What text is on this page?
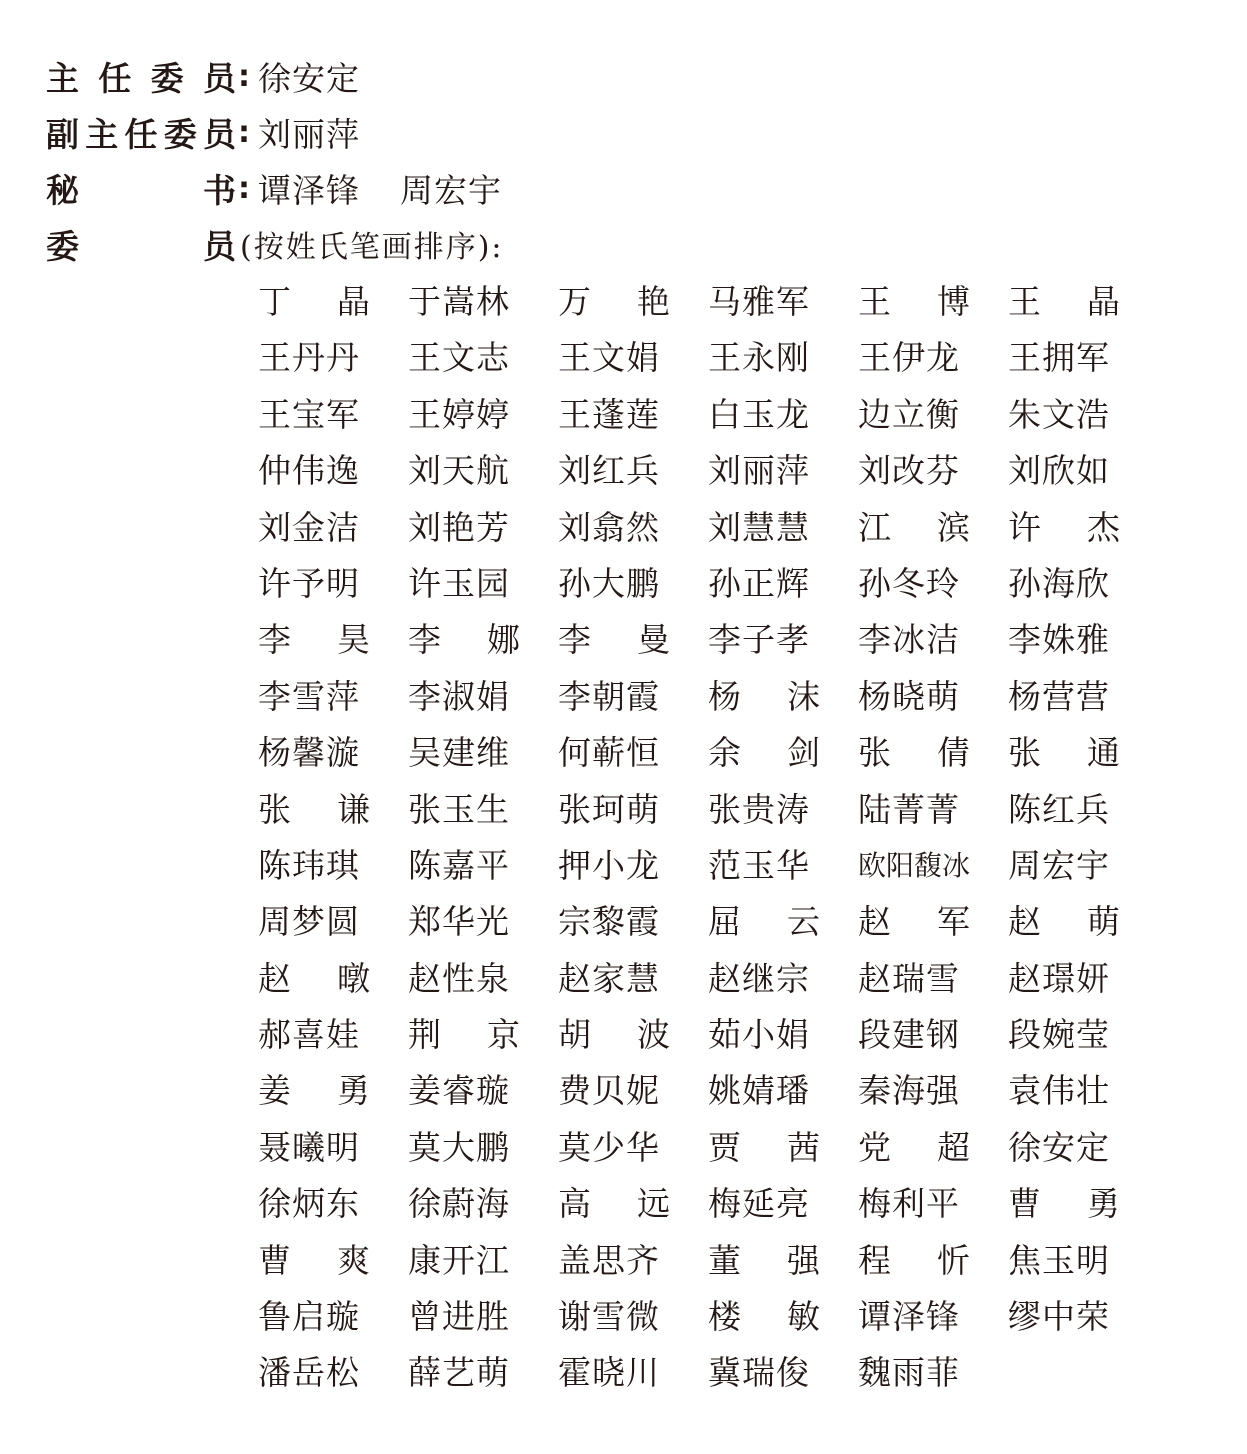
主 任 委 员 : 徐安定
副 主 任 委 员 : 刘丽萍
秘	书 : 谭泽锋 周宏宇
委	员 (按姓氏笔画排序):
丁 晶 于嵩林 万 艳 马雅军 王 博 王 晶
王丹丹 王文志 王文娟 王永刚 王伊龙 王拥军
王宝军 王婷婷 王蓬莲 白玉龙 边立衡 朱文浩
仲伟逸 刘天航 刘红兵 刘丽萍 刘改芬 刘欣如
刘金洁 刘艳芳 刘翕然 刘慧慧 江 滨 许 杰
许予明 许玉园 孙大鹏 孙正辉 孙冬玲 孙海欣
李 昊 李 娜 李 曼 李子孝 李冰洁 李姝雅
李雪萍 李淑娟 李朝霞 杨 沫 杨晓萌 杨营营
杨馨漩 吴建维 何蕲恒 余 剑 张 倩 张 通
张 谦 张玉生 张珂萌 张贵涛 陆菁菁 陈红兵
陈玮琪 陈嘉平 押小龙 范玉华 欧阳馥冰 周宏宇
周梦圆 郑华光 宗黎霞 屈 云 赵 军 赵 萌
赵 暾 赵性泉 赵家慧 赵继宗 赵瑞雪 赵璟妍
郝喜娃 荆 京 胡 波 茹小娟 段建钢 段婉莹
姜 勇 姜睿璇 费贝妮 姚婧璠 秦海强 袁伟壮
聂曦明 莫大鹏 莫少华 贾 茜 党 超 徐安定
徐炳东 徐蔚海 高 远 梅延亮 梅利平 曹 勇
曹 爽 康开江 盖思齐 董 强 程 忻 焦玉明
鲁启璇 曾进胜 谢雪微 楼 敏 谭泽锋 缪中荣
潘岳松 薛艺萌 霍晓川 冀瑞俊 魏雨菲
